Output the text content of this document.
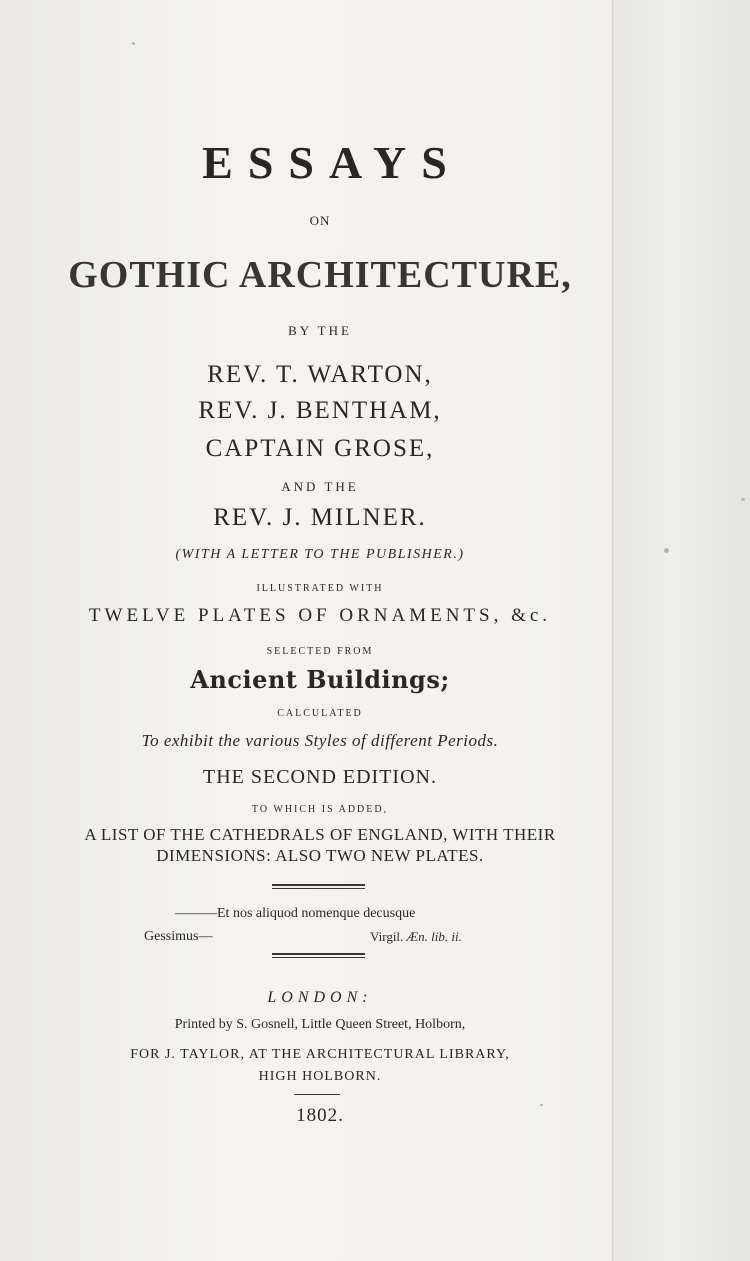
ESSAYS
ON
GOTHIC ARCHITECTURE,
BY THE
REV. T. WARTON,
REV. J. BENTHAM,
CAPTAIN GROSE,
AND THE
REV. J. MILNER.
(WITH A LETTER TO THE PUBLISHER.)
ILLUSTRATED WITH
TWELVE PLATES OF ORNAMENTS, &c.
SELECTED FROM
Ancient Buildings;
CALCULATED
To exhibit the various Styles of different Periods.
THE SECOND EDITION.
TO WHICH IS ADDED,
A LIST OF THE CATHEDRALS OF ENGLAND, WITH THEIR
DIMENSIONS: ALSO TWO NEW PLATES.
———Et nos aliquod nomenque decusque
Gessimus—	Virgil. Æn. lib. ii.
LONDON:
Printed by S. Gosnell, Little Queen Street, Holborn,
FOR J. TAYLOR, AT THE ARCHITECTURAL LIBRARY,
HIGH HOLBORN.
1802.
